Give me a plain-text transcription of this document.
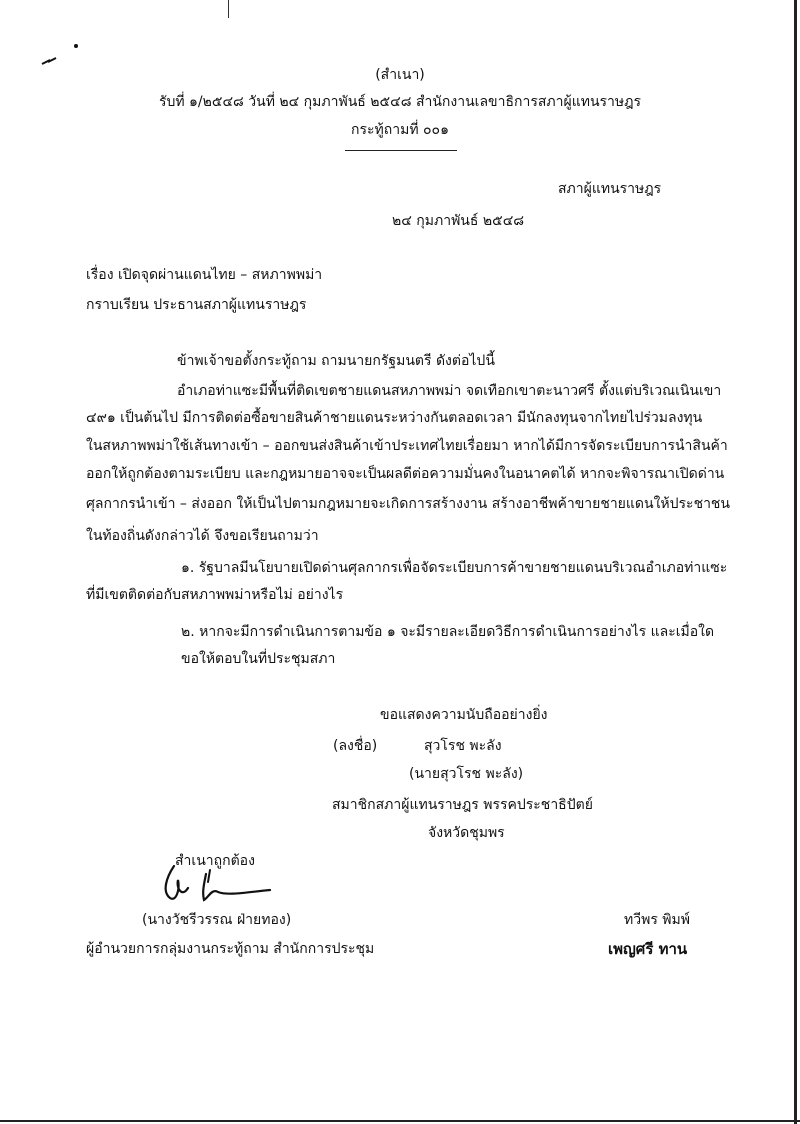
(สำเนา)
รับที่ ๑/๒๕๔๘ วันที่ ๒๔ กุมภาพันธ์ ๒๕๔๘ สำนักงานเลขาธิการสภาผู้แทนราษฎร
กระทู้ถามที่ ๐๐๑
สภาผู้แทนราษฎร
๒๔ กุมภาพันธ์ ๒๕๔๘
เรื่อง เปิดจุดผ่านแดนไทย – สหภาพพม่า
กราบเรียน ประธานสภาผู้แทนราษฎร
ข้าพเจ้าขอตั้งกระทู้ถาม ถามนายกรัฐมนตรี ดังต่อไปนี้
อำเภอท่าแซะมีพื้นที่ติดเขตชายแดนสหภาพพม่า จดเทือกเขาตะนาวศรี ตั้งแต่บริเวณเนินเขา
๔๙๑ เป็นต้นไป มีการติดต่อซื้อขายสินค้าชายแดนระหว่างกันตลอดเวลา มีนักลงทุนจากไทยไปร่วมลงทุน
ในสหภาพพม่าใช้เส้นทางเข้า – ออกขนส่งสินค้าเข้าประเทศไทยเรื่อยมา หากได้มีการจัดระเบียบการนำสินค้า
ออกให้ถูกต้องตามระเบียบ และกฎหมายอาจจะเป็นผลดีต่อความมั่นคงในอนาคตได้ หากจะพิจารณาเปิดด่าน
ศุลกากรนำเข้า – ส่งออก ให้เป็นไปตามกฎหมายจะเกิดการสร้างงาน สร้างอาชีพค้าขายชายแดนให้ประชาชน
ในท้องถิ่นดังกล่าวได้ จึงขอเรียนถามว่า
๑. รัฐบาลมีนโยบายเปิดด่านศุลกากรเพื่อจัดระเบียบการค้าขายชายแดนบริเวณอำเภอท่าแซะ
ที่มีเขตติดต่อกับสหภาพพม่าหรือไม่ อย่างไร
๒. หากจะมีการดำเนินการตามข้อ ๑ จะมีรายละเอียดวิธีการดำเนินการอย่างไร และเมื่อใด
ขอให้ตอบในที่ประชุมสภา
ขอแสดงความนับถืออย่างยิ่ง
(ลงชื่อ)	สุวโรช พะลัง
(นายสุวโรช พะลัง)
สมาชิกสภาผู้แทนราษฎร พรรคประชาธิปัตย์
จังหวัดชุมพร
สำเนาถูกต้อง
(นางวัชรีวรรณ ฝ่ายทอง)
ผู้อำนวยการกลุ่มงานกระทู้ถาม สำนักการประชุม
ทวีพร พิมพ์
เพญศรี ทาน
